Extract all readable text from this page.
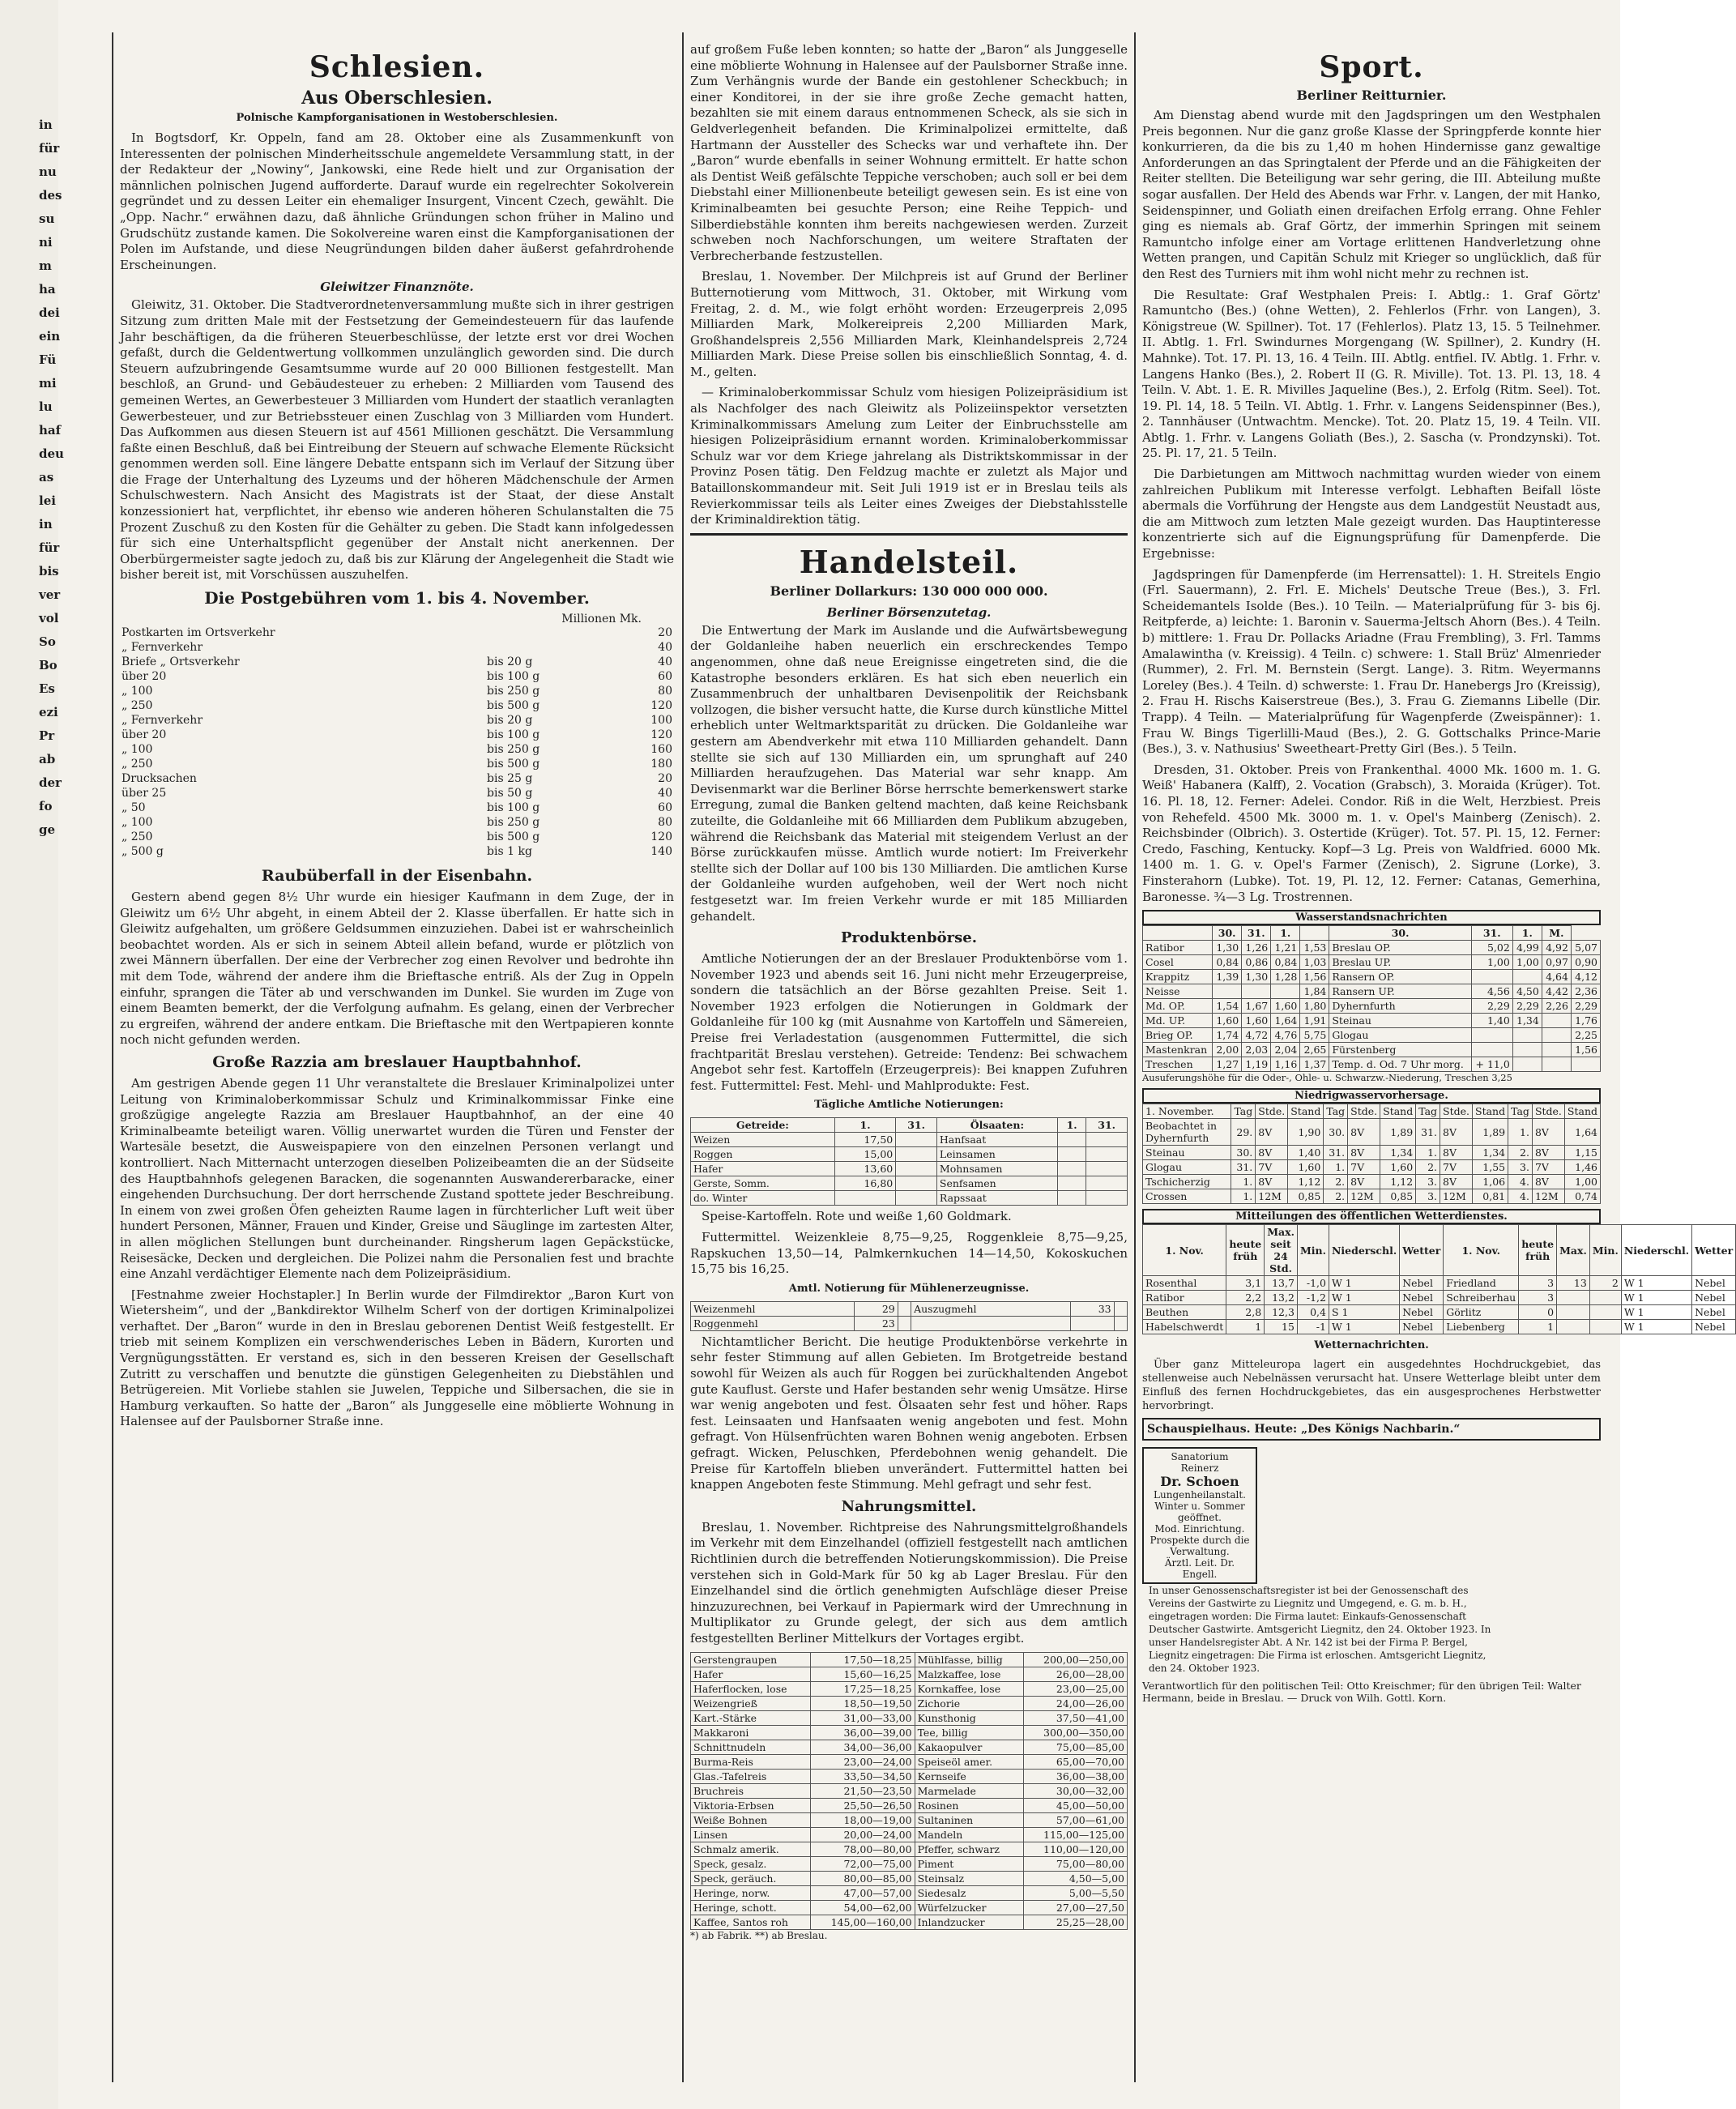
in
für
nu
des
su
ni
m
ha
dei
ein
Fü
mi
lu
haf
deu
as
lei
in
für
bis
ver
vol
So
Bo
Es
ezi
Pr
ab
der
fo
ge
Schlesien.
Aus Oberschlesien.
Polnische Kampforganisationen in Westoberschlesien.

In Bogtsdorf, Kr. Oppeln, fand am 28. Oktober eine als Zusammenkunft von Interessenten der polnischen Minderheitsschule angemeldete Versammlung statt, in der der Redakteur der „Nowiny“, Jankowski, eine Rede hielt und zur Organisation der männlichen polnischen Jugend aufforderte. Darauf wurde ein regelrechter Sokolverein gegründet und zu dessen Leiter ein ehemaliger Insurgent, Vincent Czech, gewählt. Die „Opp. Nachr.“ erwähnen dazu, daß ähnliche Gründungen schon früher in Malino und Grudschütz zustande kamen. Die Sokolvereine waren einst die Kampforganisationen der Polen im Aufstande, und diese Neugründungen bilden daher äußerst gefahrdrohende Erscheinungen.

Gleiwitzer Finanznöte.

Gleiwitz, 31. Oktober. Die Stadtverordnetenversammlung mußte sich in ihrer gestrigen Sitzung zum dritten Male mit der Festsetzung der Gemeindesteuern für das laufende Jahr beschäftigen, da die früheren Steuerbeschlüsse, der letzte erst vor drei Wochen gefaßt, durch die Geldentwertung vollkommen unzulänglich geworden sind. Die durch Steuern aufzubringende Gesamtsumme wurde auf 20 000 Billionen festgestellt. Man beschloß, an Grund- und Gebäudesteuer zu erheben: 2 Milliarden vom Tausend des gemeinen Wertes, an Gewerbesteuer 3 Milliarden vom Hundert der staatlich veranlagten Gewerbesteuer, und zur Betriebssteuer einen Zuschlag von 3 Milliarden vom Hundert. Das Aufkommen aus diesen Steuern ist auf 4561 Millionen geschätzt. Die Versammlung faßte einen Beschluß, daß bei Eintreibung der Steuern auf schwache Elemente Rücksicht genommen werden soll. Eine längere Debatte entspann sich im Verlauf der Sitzung über die Frage der Unterhaltung des Lyzeums und der höheren Mädchenschule der Armen Schulschwestern. Nach Ansicht des Magistrats ist der Staat, der diese Anstalt konzessioniert hat, verpflichtet, ihr ebenso wie anderen höheren Schulanstalten die 75 Prozent Zuschuß zu den Kosten für die Gehälter zu geben. Die Stadt kann infolgedessen für sich eine Unterhaltspflicht gegenüber der Anstalt nicht anerkennen. Der Oberbürgermeister sagte jedoch zu, daß bis zur Klärung der Angelegenheit die Stadt wie bisher bereit ist, mit Vorschüssen auszuhelfen.

Die Postgebühren vom 1. bis 4. November.
Millionen Mk.
Postkarten im Ortsverkehr		20
„ Fernverkehr		40
Briefe „ Ortsverkehr	bis 20 g	40
über 20	bis 100 g	60
„ 100	bis 250 g	80
„ 250	bis 500 g	120
„ Fernverkehr	bis 20 g	100
über 20	bis 100 g	120
„ 100	bis 250 g	160
„ 250	bis 500 g	180
Drucksachen	bis 25 g	20
über 25	bis 50 g	40
„ 50	bis 100 g	60
„ 100	bis 250 g	80
„ 250	bis 500 g	120
„ 500 g	bis 1 kg	140
Raubüberfall in der Eisenbahn.

Gestern abend gegen 8½ Uhr wurde ein hiesiger Kaufmann in dem Zuge, der in Gleiwitz um 6½ Uhr abgeht, in einem Abteil der 2. Klasse überfallen. Er hatte sich in Gleiwitz aufgehalten, um größere Geldsummen einzuziehen. Dabei ist er wahrscheinlich beobachtet worden. Als er sich in seinem Abteil allein befand, wurde er plötzlich von zwei Männern überfallen. Der eine der Verbrecher zog einen Revolver und bedrohte ihn mit dem Tode, während der andere ihm die Brieftasche entriß. Als der Zug in Oppeln einfuhr, sprangen die Täter ab und verschwanden im Dunkel. Sie wurden im Zuge von einem Beamten bemerkt, der die Verfolgung aufnahm. Es gelang, einen der Verbrecher zu ergreifen, während der andere entkam. Die Brieftasche mit den Wertpapieren konnte noch nicht gefunden werden.

Große Razzia am breslauer Hauptbahnhof.

Am gestrigen Abende gegen 11 Uhr veranstaltete die Breslauer Kriminalpolizei unter Leitung von Kriminaloberkommissar Schulz und Kriminalkommissar Finke eine großzügige angelegte Razzia am Breslauer Hauptbahnhof, an der eine 40 Kriminalbeamte beteiligt waren. Völlig unerwartet wurden die Türen und Fenster der Wartesäle besetzt, die Ausweispapiere von den einzelnen Personen verlangt und kontrolliert. Nach Mitternacht unterzogen dieselben Polizeibeamten die an der Südseite des Hauptbahnhofs gelegenen Baracken, die sogenannten Auswandererbaracke, einer eingehenden Durchsuchung. Der dort herrschende Zustand spottete jeder Beschreibung. In einem von zwei großen Öfen geheizten Raume lagen in fürchterlicher Luft weit über hundert Personen, Männer, Frauen und Kinder, Greise und Säuglinge im zartesten Alter, in allen möglichen Stellungen bunt durcheinander. Ringsherum lagen Gepäckstücke, Reisesäcke, Decken und dergleichen. Die Polizei nahm die Personalien fest und brachte eine Anzahl verdächtiger Elemente nach dem Polizeipräsidium.

[Festnahme zweier Hochstapler.] In Berlin wurde der Filmdirektor „Baron Kurt von Wietersheim“, und der „Bankdirektor Wilhelm Scherf von der dortigen Kriminalpolizei verhaftet. Der „Baron“ wurde in den in Breslau geborenen Dentist Weiß festgestellt. Er trieb mit seinem Komplizen ein verschwenderisches Leben in Bädern, Kurorten und Vergnügungsstätten. Er verstand es, sich in den besseren Kreisen der Gesellschaft Zutritt zu verschaffen und benutzte die günstigen Gelegenheiten zu Diebstählen und Betrügereien. Mit Vorliebe stahlen sie Juwelen, Teppiche und Silbersachen, die sie in Hamburg verkauften. So hatte der „Baron“ als Junggeselle eine möblierte Wohnung in Halensee auf der Paulsborner Straße inne.

auf großem Fuße leben konnten; so hatte der „Baron“ als Junggeselle eine möblierte Wohnung in Halensee auf der Paulsborner Straße inne. Zum Verhängnis wurde der Bande ein gestohlener Scheckbuch; in einer Konditorei, in der sie ihre große Zeche gemacht hatten, bezahlten sie mit einem daraus entnommenen Scheck, als sie sich in Geldverlegenheit befanden. Die Kriminalpolizei ermittelte, daß Hartmann der Aussteller des Schecks war und verhaftete ihn. Der „Baron“ wurde ebenfalls in seiner Wohnung ermittelt. Er hatte schon als Dentist Weiß gefälschte Teppiche verschoben; auch soll er bei dem Diebstahl einer Millionenbeute beteiligt gewesen sein. Es ist eine von Kriminalbeamten bei gesuchte Person; eine Reihe Teppich- und Silberdiebstähle konnten ihm bereits nachgewiesen werden. Zurzeit schweben noch Nachforschungen, um weitere Straftaten der Verbrecherbande festzustellen.

Breslau, 1. November. Der Milchpreis ist auf Grund der Berliner Butternotierung vom Mittwoch, 31. Oktober, mit Wirkung vom Freitag, 2. d. M., wie folgt erhöht worden: Erzeugerpreis 2,095 Milliarden Mark, Molkereipreis 2,200 Milliarden Mark, Großhandelspreis 2,556 Milliarden Mark, Kleinhandelspreis 2,724 Milliarden Mark. Diese Preise sollen bis einschließlich Sonntag, 4. d. M., gelten.

— Kriminaloberkommissar Schulz vom hiesigen Polizeipräsidium ist als Nachfolger des nach Gleiwitz als Polizeiinspektor versetzten Kriminalkommissars Amelung zum Leiter der Einbruchsstelle am hiesigen Polizeipräsidium ernannt worden. Kriminaloberkommissar Schulz war vor dem Kriege jahrelang als Distriktskommissar in der Provinz Posen tätig. Den Feldzug machte er zuletzt als Major und Bataillonskommandeur mit. Seit Juli 1919 ist er in Breslau teils als Revierkommissar teils als Leiter eines Zweiges der Diebstahlsstelle der Kriminaldirektion tätig.

Handelsteil.
Berliner Dollarkurs: 130 000 000 000.
Berliner Börsenzutetag.

Die Entwertung der Mark im Auslande und die Aufwärtsbewegung der Goldanleihe haben neuerlich ein erschreckendes Tempo angenommen, ohne daß neue Ereignisse eingetreten sind, die die Katastrophe besonders erklären. Es hat sich eben neuerlich ein Zusammenbruch der unhaltbaren Devisenpolitik der Reichsbank vollzogen, die bisher versucht hatte, die Kurse durch künstliche Mittel erheblich unter Weltmarktsparität zu drücken. Die Goldanleihe war gestern am Abendverkehr mit etwa 110 Milliarden gehandelt. Dann stellte sie sich auf 130 Milliarden ein, um sprunghaft auf 240 Milliarden heraufzugehen. Das Material war sehr knapp. Am Devisenmarkt war die Berliner Börse herrschte bemerkenswert starke Erregung, zumal die Banken geltend machten, daß keine Reichsbank zuteilte, die Goldanleihe mit 66 Milliarden dem Publikum abzugeben, während die Reichsbank das Material mit steigendem Verlust an der Börse zurückkaufen müsse. Amtlich wurde notiert: Im Freiverkehr stellte sich der Dollar auf 100 bis 130 Milliarden. Die amtlichen Kurse der Goldanleihe wurden aufgehoben, weil der Wert noch nicht festgesetzt war. Im freien Verkehr wurde er mit 185 Milliarden gehandelt.

Produktenbörse.

Amtliche Notierungen der an der Breslauer Produktenbörse vom 1. November 1923 und abends seit 16. Juni nicht mehr Erzeugerpreise, sondern die tatsächlich an der Börse gezahlten Preise. Seit 1. November 1923 erfolgen die Notierungen in Goldmark der Goldanleihe für 100 kg (mit Ausnahme von Kartoffeln und Sämereien, Preise frei Verladestation (ausgenommen Futtermittel, die sich frachtparität Breslau verstehen). Getreide: Tendenz: Bei schwachem Angebot sehr fest. Kartoffeln (Erzeugerpreis): Bei knappen Zufuhren fest. Futtermittel: Fest. Mehl- und Mahlprodukte: Fest.

Tägliche Amtliche Notierungen:
Getreide:	1.	31.	Ölsaaten:	1.	31.
Weizen	17,50		Hanfsaat		
Roggen	15,00		Leinsamen		
Hafer	13,60		Mohnsamen		
Gerste, Somm.	16,80		Senfsamen		
do. Winter			Rapssaat		

Speise-Kartoffeln. Rote und weiße 1,60 Goldmark.

Futtermittel. Weizenkleie 8,75—9,25, Roggenkleie 8,75—9,25, Rapskuchen 13,50—14, Palmkernkuchen 14—14,50, Kokoskuchen 15,75 bis 16,25.

Amtl. Notierung für Mühlenerzeugnisse.
Weizenmehl	29		Auszugmehl	33	
Roggenmehl	23				

Nichtamtlicher Bericht. Die heutige Produktenbörse verkehrte in sehr fester Stimmung auf allen Gebieten. Im Brotgetreide bestand sowohl für Weizen als auch für Roggen bei zurückhaltenden Angebot gute Kauflust. Gerste und Hafer bestanden sehr wenig Umsätze. Hirse war wenig angeboten und fest. Ölsaaten sehr fest und höher. Raps fest. Leinsaaten und Hanfsaaten wenig angeboten und fest. Mohn gefragt. Von Hülsenfrüchten waren Bohnen wenig angeboten. Erbsen gefragt. Wicken, Peluschken, Pferdebohnen wenig gehandelt. Die Preise für Kartoffeln blieben unverändert. Futtermittel hatten bei knappen Angeboten feste Stimmung. Mehl gefragt und sehr fest.

Nahrungsmittel.

Breslau, 1. November. Richtpreise des Nahrungsmittelgroßhandels im Verkehr mit dem Einzelhandel (offiziell festgestellt nach amtlichen Richtlinien durch die betreffenden Notierungskommission). Die Preise verstehen sich in Gold-Mark für 50 kg ab Lager Breslau. Für den Einzelhandel sind die örtlich genehmigten Aufschläge dieser Preise hinzuzurechnen, bei Verkauf in Papiermark wird der Umrechnung in Multiplikator zu Grunde gelegt, der sich aus dem amtlich festgestellten Berliner Mittelkurs der Vortages ergibt.

Gerstengraupen	17,50—18,25	Mühlfasse, billig	200,00—250,00
Hafer	15,60—16,25	Malzkaffee, lose	26,00—28,00
Haferflocken, lose	17,25—18,25	Kornkaffee, lose	23,00—25,00
Weizengrieß	18,50—19,50	Zichorie	24,00—26,00
Kart.-Stärke	31,00—33,00	Kunsthonig	37,50—41,00
Makkaroni	36,00—39,00	Tee, billig	300,00—350,00
Schnittnudeln	34,00—36,00	Kakaopulver	75,00—85,00
Burma-Reis	23,00—24,00	Speiseöl amer.	65,00—70,00
Glas.-Tafelreis	33,50—34,50	Kernseife	36,00—38,00
Bruchreis	21,50—23,50	Marmelade	30,00—32,00
Viktoria-Erbsen	25,50—26,50	Rosinen	45,00—50,00
Weiße Bohnen	18,00—19,00	Sultaninen	57,00—61,00
Linsen	20,00—24,00	Mandeln	115,00—125,00
Schmalz amerik.	78,00—80,00	Pfeffer, schwarz	110,00—120,00
Speck, gesalz.	72,00—75,00	Piment	75,00—80,00
Speck, geräuch.	80,00—85,00	Steinsalz	4,50—5,00
Heringe, norw.	47,00—57,00	Siedesalz	5,00—5,50
Heringe, schott.	54,00—62,00	Würfelzucker	27,00—27,50
Kaffee, Santos roh	145,00—160,00	Inlandzucker	25,25—28,00
*) ab Fabrik. **) ab Breslau.
Sport.
Berliner Reitturnier.

Am Dienstag abend wurde mit den Jagdspringen um den Westphalen Preis begonnen. Nur die ganz große Klasse der Springpferde konnte hier konkurrieren, da die bis zu 1,40 m hohen Hindernisse ganz gewaltige Anforderungen an das Springtalent der Pferde und an die Fähigkeiten der Reiter stellten. Die Beteiligung war sehr gering, die III. Abteilung mußte sogar ausfallen. Der Held des Abends war Frhr. v. Langen, der mit Hanko, Seidenspinner, und Goliath einen dreifachen Erfolg errang. Ohne Fehler ging es niemals ab. Graf Görtz, der immerhin Springen mit seinem Ramuntcho infolge einer am Vortage erlittenen Handverletzung ohne Wetten prangen, und Capitän Schulz mit Krieger so unglücklich, daß für den Rest des Turniers mit ihm wohl nicht mehr zu rechnen ist.

Die Resultate: Graf Westphalen Preis: I. Abtlg.: 1. Graf Görtz' Ramuntcho (Bes.) (ohne Wetten), 2. Fehlerlos (Frhr. von Langen), 3. Königstreue (W. Spillner). Tot. 17 (Fehlerlos). Platz 13, 15. 5 Teilnehmer. II. Abtlg. 1. Frl. Swindurnes Morgengang (W. Spillner), 2. Kundry (H. Mahnke). Tot. 17. Pl. 13, 16. 4 Teiln. III. Abtlg. entfiel. IV. Abtlg. 1. Frhr. v. Langens Hanko (Bes.), 2. Robert II (G. R. Miville). Tot. 13. Pl. 13, 18. 4 Teiln. V. Abt. 1. E. R. Mivilles Jaqueline (Bes.), 2. Erfolg (Ritm. Seel). Tot. 19. Pl. 14, 18. 5 Teiln. VI. Abtlg. 1. Frhr. v. Langens Seidenspinner (Bes.), 2. Tannhäuser (Untwachtm. Mencke). Tot. 20. Platz 15, 19. 4 Teiln. VII. Abtlg. 1. Frhr. v. Langens Goliath (Bes.), 2. Sascha (v. Prondzynski). Tot. 25. Pl. 17, 21. 5 Teiln.

Die Darbietungen am Mittwoch nachmittag wurden wieder von einem zahlreichen Publikum mit Interesse verfolgt. Lebhaften Beifall löste abermals die Vorführung der Hengste aus dem Landgestüt Neustadt aus, die am Mittwoch zum letzten Male gezeigt wurden. Das Hauptinteresse konzentrierte sich auf die Eignungsprüfung für Damenpferde. Die Ergebnisse:

Jagdspringen für Damenpferde (im Herrensattel): 1. H. Streitels Engio (Frl. Sauermann), 2. Frl. E. Michels' Deutsche Treue (Bes.), 3. Frl. Scheidemantels Isolde (Bes.). 10 Teiln. — Materialprüfung für 3- bis 6j. Reitpferde, a) leichte: 1. Baronin v. Sauerma-Jeltsch Ahorn (Bes.). 4 Teiln. b) mittlere: 1. Frau Dr. Pollacks Ariadne (Frau Frembling), 3. Frl. Tamms Amalawintha (v. Kreissig). 4 Teiln. c) schwere: 1. Stall Brüz' Almenrieder (Rummer), 2. Frl. M. Bernstein (Sergt. Lange). 3. Ritm. Weyermanns Loreley (Bes.). 4 Teiln. d) schwerste: 1. Frau Dr. Hanebergs Jro (Kreissig), 2. Frau H. Rischs Kaiserstreue (Bes.), 3. Frau G. Ziemanns Libelle (Dir. Trapp). 4 Teiln. — Materialprüfung für Wagenpferde (Zweispänner): 1. Frau W. Bings Tigerlilli-Maud (Bes.), 2. G. Gottschalks Prince-Marie (Bes.), 3. v. Nathusius' Sweetheart-Pretty Girl (Bes.). 5 Teiln.

Dresden, 31. Oktober. Preis von Frankenthal. 4000 Mk. 1600 m. 1. G. Weiß' Habanera (Kalff), 2. Vocation (Grabsch), 3. Moraida (Krüger). Tot. 16. Pl. 18, 12. Ferner: Adelei. Condor. Riß in die Welt, Herzbiest. Preis von Rehefeld. 4500 Mk. 3000 m. 1. v. Opel's Mainberg (Zenisch). 2. Reichsbinder (Olbrich). 3. Ostertide (Krüger). Tot. 57. Pl. 15, 12. Ferner: Credo, Fasching, Kentucky. Kopf—3 Lg. Preis von Waldfried. 6000 Mk. 1400 m. 1. G. v. Opel's Farmer (Zenisch), 2. Sigrune (Lorke), 3. Finsterahorn (Lubke). Tot. 19, Pl. 12, 12. Ferner: Catanas, Gemerhina, Baronesse. ¾—3 Lg. Trostrennen.

Wasserstandsnachrichten
	30.	31.	1.		30.	31.	1.	M.	
Ratibor	1,30	1,26	1,21	1,53	Breslau OP.	5,02	4,99	4,92	5,07
Cosel	0,84	0,86	0,84	1,03	Breslau UP.	1,00	1,00	0,97	0,90
Krappitz	1,39	1,30	1,28	1,56	Ransern OP.			4,64	4,12
Neisse				1,84	Ransern UP.	4,56	4,50	4,42	2,36
Md. OP.	1,54	1,67	1,60	1,80	Dyhernfurth	2,29	2,29	2,26	2,29
Md. UP.	1,60	1,60	1,64	1,91	Steinau	1,40	1,34		1,76
Brieg OP.	1,74	4,72	4,76	5,75	Glogau				2,25
Mastenkran	2,00	2,03	2,04	2,65	Fürstenberg				1,56
Treschen	1,27	1,19	1,16	1,37	Temp. d. Od. 7 Uhr morg.	+ 11,0			
Ausuferungshöhe für die Oder-, Ohle- u. Schwarzw.-Niederung, Treschen 3,25
Niedrigwasservorhersage.
1. November.	Tag	Stde.	Stand	Tag	Stde.	Stand	Tag	Stde.	Stand	Tag	Stde.	Stand
Beobachtet in Dyhernfurth	29.	8V	1,90	30.	8V	1,89	31.	8V	1,89	1.	8V	1,64
Steinau	30.	8V	1,40	31.	8V	1,34	1.	8V	1,34	2.	8V	1,15
Glogau	31.	7V	1,60	1.	7V	1,60	2.	7V	1,55	3.	7V	1,46
Tschicherzig	1.	8V	1,12	2.	8V	1,12	3.	8V	1,06	4.	8V	1,00
Crossen	1.	12M	0,85	2.	12M	0,85	3.	12M	0,81	4.	12M	0,74
Mitteilungen des öffentlichen Wetterdienstes.
1. Nov.	heute früh	Max. seit 24 Std.	Min.	Niederschl.	Wetter	1. Nov.	heute früh	Max.	Min.	Niederschl.	Wetter
Rosenthal	3,1	13,7	-1,0	W 1	Nebel	Friedland	3	13	2	W 1	Nebel
Ratibor	2,2	13,2	-1,2	W 1	Nebel	Schreiberhau	3			W 1	Nebel
Beuthen	2,8	12,3	0,4	S 1	Nebel	Görlitz	0			W 1	Nebel
Habelschwerdt	1	15	-1	W 1	Nebel	Liebenberg	1			W 1	Nebel
Wetternachrichten.

Über ganz Mitteleuropa lagert ein ausgedehntes Hochdruckgebiet, das stellenweise auch Nebelnässen verursacht hat. Unsere Wetterlage bleibt unter dem Einfluß des fernen Hochdruckgebietes, das ein ausgesprochenes Herbstwetter hervorbringt.

Schauspielhaus. Heute: „Des Königs Nachbarin.“
Sanatorium
Reinerz
Dr. Schoen
Lungenheilanstalt.
Winter u. Sommer geöffnet.
Mod. Einrichtung.
Prospekte durch die Verwaltung.
Ärztl. Leit. Dr. Engell.
In unser Genossenschaftsregister ist bei der Genossenschaft des Vereins der Gastwirte zu Liegnitz und Umgegend, e. G. m. b. H., eingetragen worden: Die Firma lautet: Einkaufs-Genossenschaft Deutscher Gastwirte. Amtsgericht Liegnitz, den 24. Oktober 1923. In unser Handelsregister Abt. A Nr. 142 ist bei der Firma P. Bergel, Liegnitz eingetragen: Die Firma ist erloschen. Amtsgericht Liegnitz, den 24. Oktober 1923.
Verantwortlich für den politischen Teil: Otto Kreischmer; für den übrigen Teil: Walter Hermann, beide in Breslau. — Druck von Wilh. Gottl. Korn.
